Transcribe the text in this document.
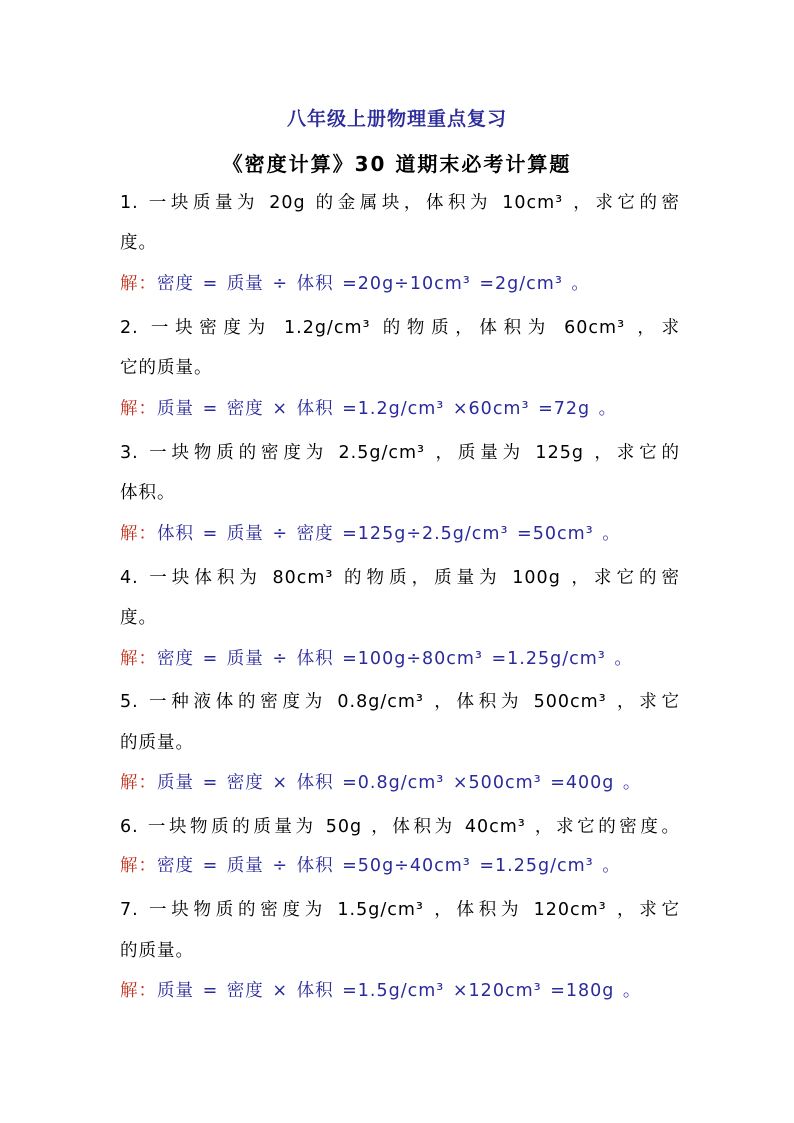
八年级上册物理重点复习
《密度计算》30 道期末必考计算题
1. 一块质量为 20g 的金属块，体积为 10cm³ ，求它的密
度。
解：密度 = 质量 ÷ 体积 =20g÷10cm³ =2g/cm³ 。
2. 一块密度为 1.2g/cm³ 的物质，体积为 60cm³ ，求
它的质量。
解：质量 = 密度 × 体积 =1.2g/cm³ ×60cm³ =72g 。
3. 一块物质的密度为 2.5g/cm³ ，质量为 125g ，求它的
体积。
解：体积 = 质量 ÷ 密度 =125g÷2.5g/cm³ =50cm³ 。
4. 一块体积为 80cm³ 的物质，质量为 100g ，求它的密
度。
解：密度 = 质量 ÷ 体积 =100g÷80cm³ =1.25g/cm³ 。
5. 一种液体的密度为 0.8g/cm³ ，体积为 500cm³ ，求它
的质量。
解：质量 = 密度 × 体积 =0.8g/cm³ ×500cm³ =400g 。
6. 一块物质的质量为 50g ，体积为 40cm³ ，求它的密度。
解：密度 = 质量 ÷ 体积 =50g÷40cm³ =1.25g/cm³ 。
7. 一块物质的密度为 1.5g/cm³ ，体积为 120cm³ ，求它
的质量。
解：质量 = 密度 × 体积 =1.5g/cm³ ×120cm³ =180g 。
